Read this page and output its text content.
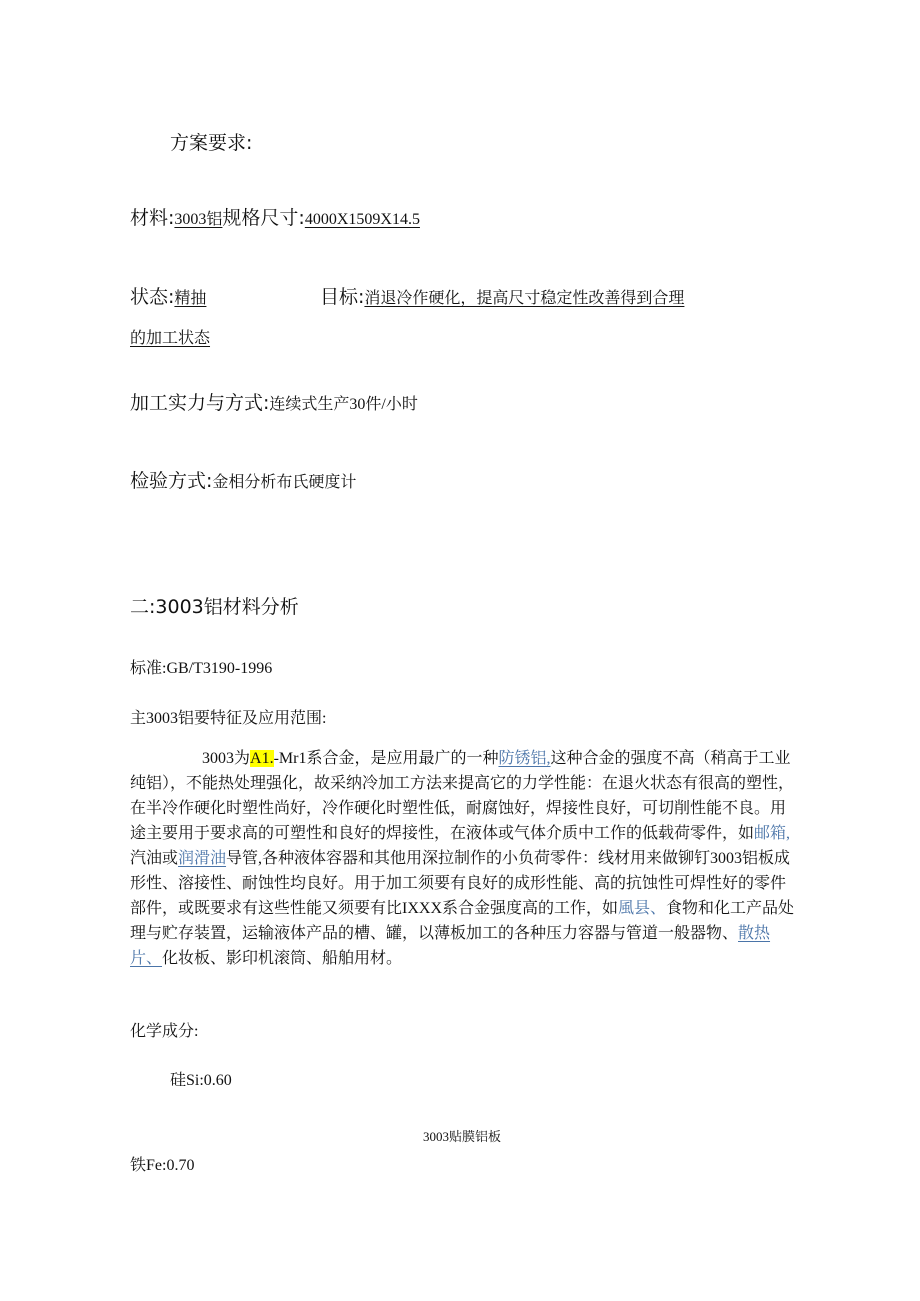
方案要求:
材料:3003铝规格尺寸:4000X1509X14.5
状态:精抽	目标:消退冷作硬化，提高尺寸稳定性改善得到合理
的加工状态
加工实力与方式:连续式生产30件/小时
检验方式:金相分析布氏硬度计
二:3003铝材料分析
标准:GB/T3190-1996
主3003铝要特征及应用范围:
3003为A1.-Mr1系合金，是应用最广的一种防锈铝,这种合金的强度不高（稍高于工业纯铝），不能热处理强化，故采纳冷加工方法来提高它的力学性能：在退火状态有很高的塑性，在半冷作硬化时塑性尚好，冷作硬化时塑性低，耐腐蚀好，焊接性良好，可切削性能不良。用途主要用于要求高的可塑性和良好的焊接性，在液体或气体介质中工作的低载荷零件，如邮箱,汽油或润滑油导管,各种液体容器和其他用深拉制作的小负荷零件：线材用来做铆钉3003铝板成形性、溶接性、耐蚀性均良好。用于加工须要有良好的成形性能、高的抗蚀性可焊性好的零件部件，或既要求有这些性能又须要有比IXXX系合金强度高的工作，如風县、食物和化工产品处理与贮存装置，运输液体产品的槽、罐，以薄板加工的各种压力容器与管道一般器物、散热片、化妆板、影印机滚筒、船舶用材。
化学成分:
硅Si:0.60
3003贴膜铝板
铁Fe:0.70
